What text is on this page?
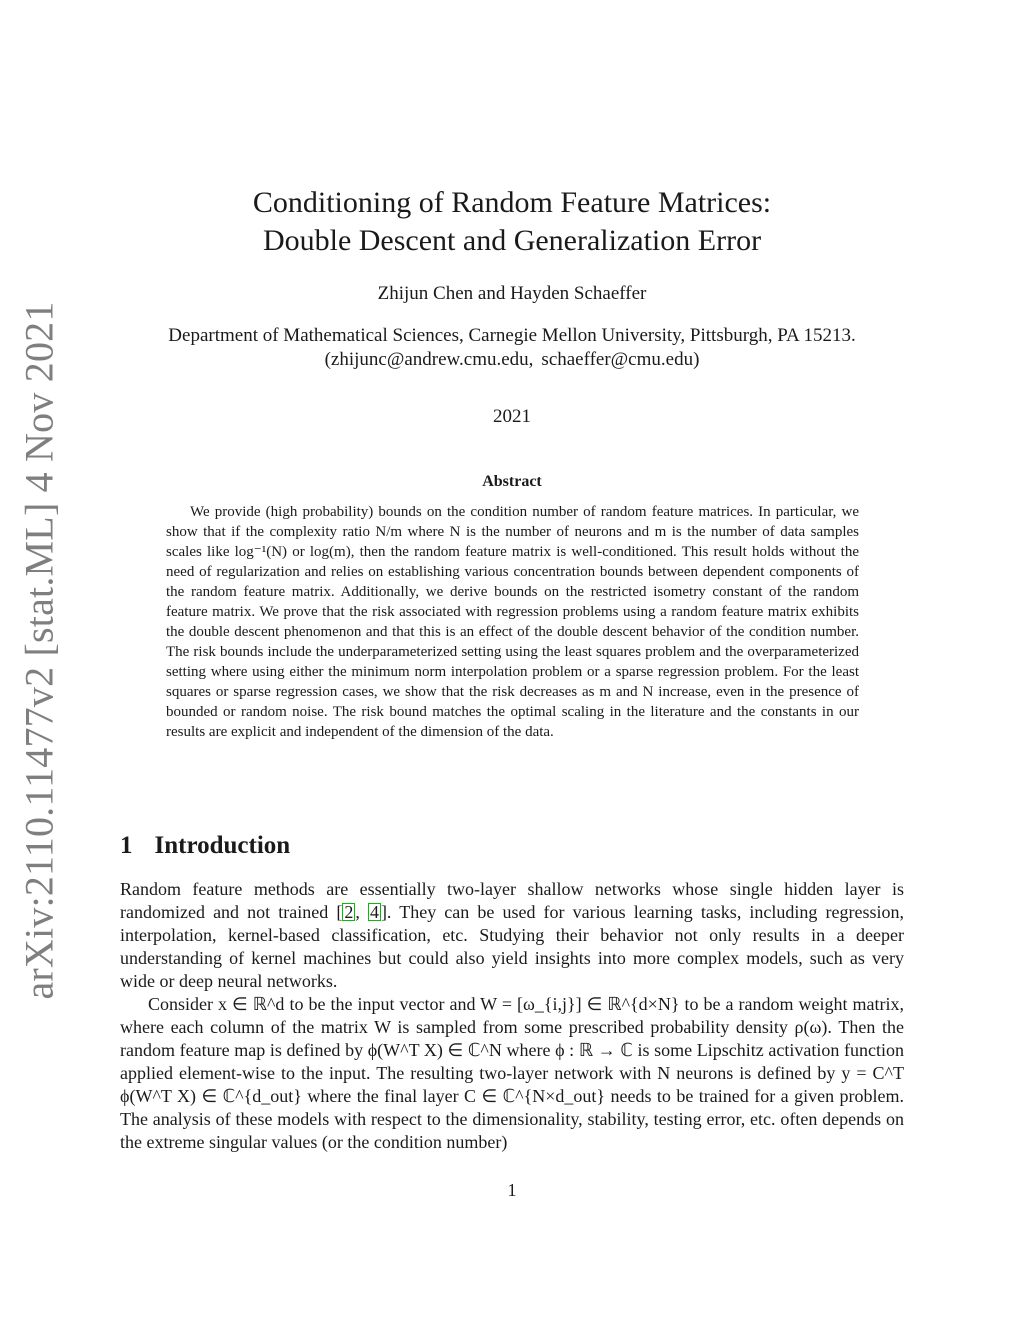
arXiv:2110.11477v2 [stat.ML] 4 Nov 2021
Conditioning of Random Feature Matrices:
Double Descent and Generalization Error
Zhijun Chen and Hayden Schaeffer
Department of Mathematical Sciences, Carnegie Mellon University, Pittsburgh, PA 15213.
(zhijunc@andrew.cmu.edu, schaeffer@cmu.edu)
2021
Abstract

We provide (high probability) bounds on the condition number of random feature matrices. In particular, we show that if the complexity ratio N/m where N is the number of neurons and m is the number of data samples scales like log⁻¹(N) or log(m), then the random feature matrix is well-conditioned. This result holds without the need of regularization and relies on establishing various concentration bounds between dependent components of the random feature matrix. Additionally, we derive bounds on the restricted isometry constant of the random feature matrix. We prove that the risk associated with regression problems using a random feature matrix exhibits the double descent phenomenon and that this is an effect of the double descent behavior of the condition number. The risk bounds include the underparameterized setting using the least squares problem and the overparameterized setting where using either the minimum norm interpolation problem or a sparse regression problem. For the least squares or sparse regression cases, we show that the risk decreases as m and N increase, even in the presence of bounded or random noise. The risk bound matches the optimal scaling in the literature and the constants in our results are explicit and independent of the dimension of the data.

1 Introduction

Random feature methods are essentially two-layer shallow networks whose single hidden layer is randomized and not trained [ 2 , 4 ]. They can be used for various learning tasks, including regression, interpolation, kernel-based classification, etc. Studying their behavior not only results in a deeper understanding of kernel machines but could also yield insights into more complex models, such as very wide or deep neural networks.

Consider x ∈ ℝ^d to be the input vector and W = [ω_{i,j}] ∈ ℝ^{d×N} to be a random weight matrix, where each column of the matrix W is sampled from some prescribed probability density ρ(ω). Then the random feature map is defined by ϕ(W^T X) ∈ ℂ^N where ϕ : ℝ → ℂ is some Lipschitz activation function applied element-wise to the input. The resulting two-layer network with N neurons is defined by y = C^T ϕ(W^T X) ∈ ℂ^{d_out} where the final layer C ∈ ℂ^{N×d_out} needs to be trained for a given problem. The analysis of these models with respect to the dimensionality, stability, testing error, etc. often depends on the extreme singular values (or the condition number)

1
